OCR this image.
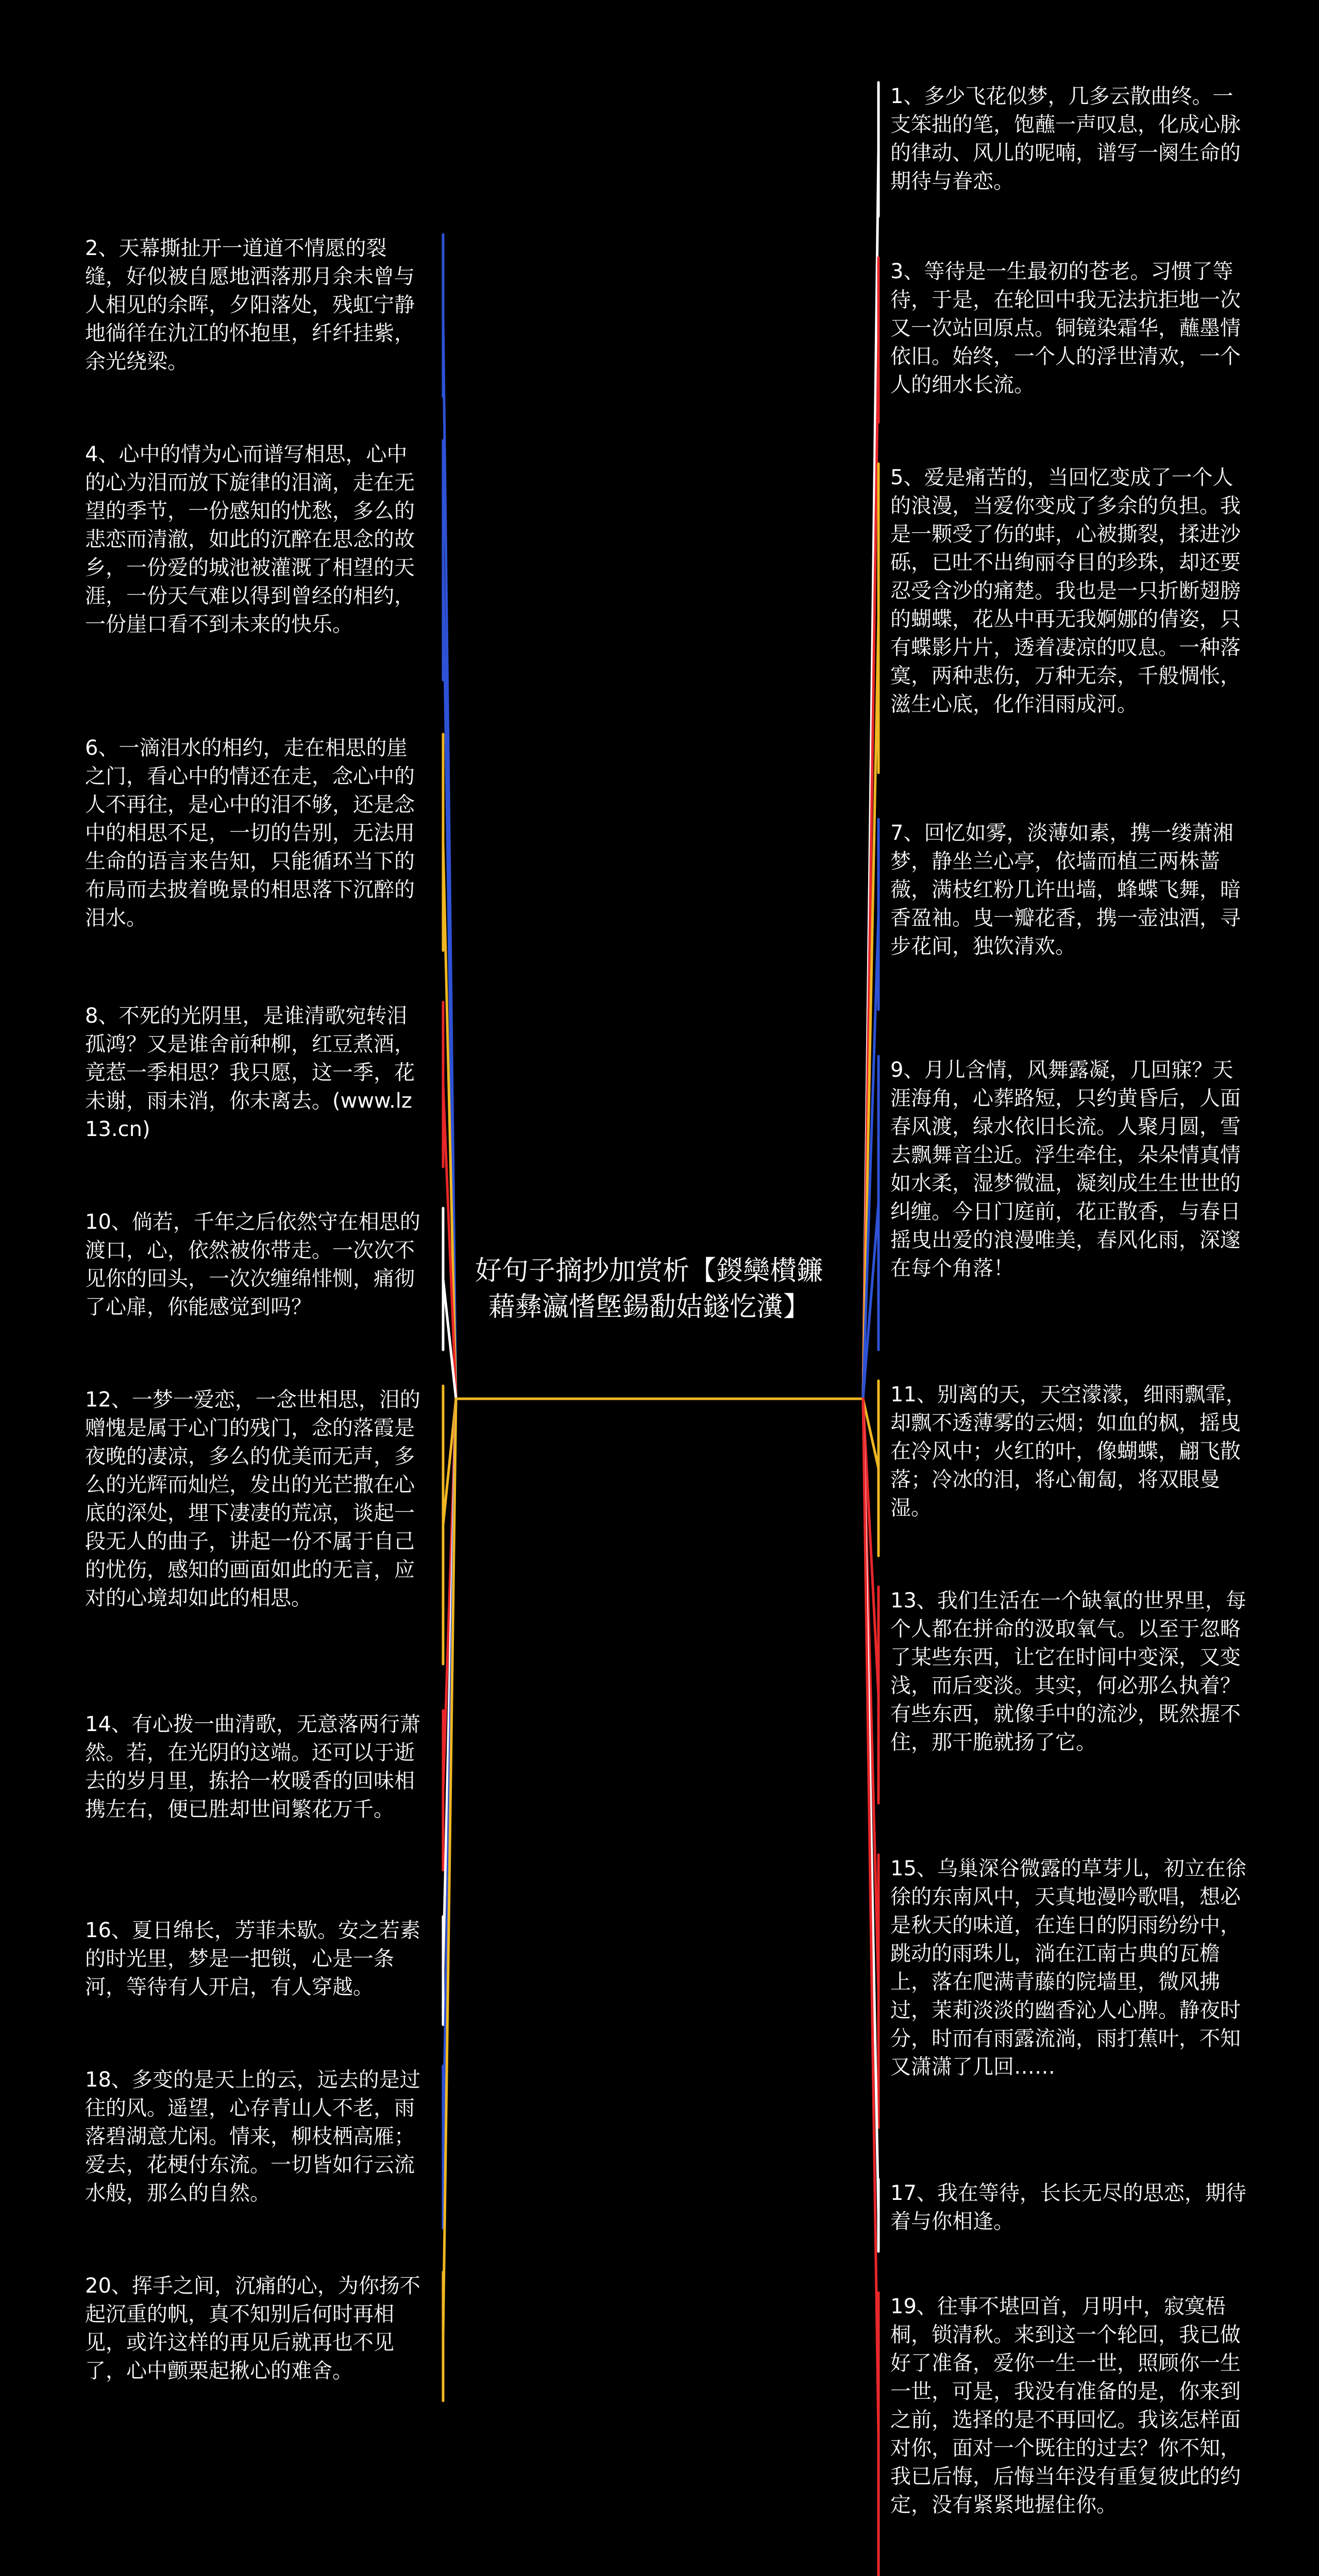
好句子摘抄加赏析【鍐欒櫕鐮藉彝瀛愭墍鍚勫姞鐩忔瀵】
1、多少飞花似梦，几多云散曲终。一支笨拙的笔，饱蘸一声叹息，化成心脉的律动、风儿的呢喃，谱写一阕生命的期待与眷恋。
3、等待是一生最初的苍老。习惯了等待，于是，在轮回中我无法抗拒地一次又一次站回原点。铜镜染霜华，蘸墨情依旧。始终，一个人的浮世清欢，一个人的细水长流。
5、爱是痛苦的，当回忆变成了一个人的浪漫，当爱你变成了多余的负担。我是一颗受了伤的蚌，心被撕裂，揉进沙砾，已吐不出绚丽夺目的珍珠，却还要忍受含沙的痛楚。我也是一只折断翅膀的蝴蝶，花丛中再无我婀娜的倩姿，只有蝶影片片，透着凄凉的叹息。一种落寞，两种悲伤，万种无奈，千般惆怅，滋生心底，化作泪雨成河。
7、回忆如雾，淡薄如素，携一缕萧湘梦，静坐兰心亭，依墙而植三两株蔷薇，满枝红粉几许出墙，蜂蝶飞舞，暗香盈袖。曳一瓣花香，携一壶浊酒，寻步花间，独饮清欢。
9、月儿含情，风舞露凝，几回寐？天涯海角，心葬路短，只约黄昏后，人面春风渡，绿水依旧长流。人聚月圆，雪去飘舞音尘近。浮生牵住，朵朵情真情如水柔，湿梦微温，凝刻成生生世世的纠缠。今日门庭前，花正散香，与春日摇曳出爱的浪漫唯美，春风化雨，深邃在每个角落！
11、别离的天，天空濛濛，细雨飘霏，却飘不透薄雾的云烟；如血的枫，摇曳在冷风中；火红的叶，像蝴蝶，翩飞散落；冷冰的泪，将心匍匐，将双眼曼湿。
13、我们生活在一个缺氧的世界里，每个人都在拼命的汲取氧气。以至于忽略了某些东西，让它在时间中变深，又变浅，而后变淡。其实，何必那么执着？ 有些东西，就像手中的流沙，既然握不住，那干脆就扬了它。
15、乌巢深谷微露的草芽儿，初立在徐徐的东南风中，天真地漫吟歌唱，想必是秋天的味道，在连日的阴雨纷纷中，跳动的雨珠儿，淌在江南古典的瓦檐上，落在爬满青藤的院墙里，微风拂过，茉莉淡淡的幽香沁人心脾。静夜时分，时而有雨露流淌，雨打蕉叶，不知又潇潇了几回……
17、我在等待，长长无尽的思恋，期待着与你相逢。
19、往事不堪回首，月明中，寂寞梧桐，锁清秋。来到这一个轮回，我已做好了准备，爱你一生一世，照顾你一生一世，可是，我没有准备的是，你来到之前，选择的是不再回忆。我该怎样面对你，面对一个既往的过去？你不知，我已后悔，后悔当年没有重复彼此的约定，没有紧紧地握住你。
2、天幕撕扯开一道道不情愿的裂缝，好似被自愿地洒落那月余未曾与人相见的余晖，夕阳落处，残虹宁静地徜徉在氿江的怀抱里，纤纤挂紫，余光绕梁。
4、心中的情为心而谱写相思，心中的心为泪而放下旋律的泪滴，走在无望的季节，一份感知的忧愁，多么的悲恋而清澈，如此的沉醉在思念的故乡，一份爱的城池被灌溉了相望的天涯，一份天气难以得到曾经的相约，一份崖口看不到未来的快乐。
6、一滴泪水的相约，走在相思的崖之门，看心中的情还在走，念心中的人不再往，是心中的泪不够，还是念中的相思不足，一切的告别，无法用生命的语言来告知，只能循环当下的布局而去披着晚景的相思落下沉醉的泪水。
8、不死的光阴里，是谁清歌宛转泪孤鸿？又是谁舍前种柳，红豆煮酒，竟惹一季相思？我只愿，这一季，花未谢，雨未消，你未离去。(www.lz13.cn)
10、倘若，千年之后依然守在相思的渡口，心，依然被你带走。一次次不见你的回头，一次次缠绵悱恻，痛彻了心扉，你能感觉到吗？
12、一梦一爱恋，一念世相思，泪的赠愧是属于心门的残门，念的落霞是夜晚的凄凉，多么的优美而无声，多么的光辉而灿烂，发出的光芒撒在心底的深处，埋下凄凄的荒凉，谈起一段无人的曲子，讲起一份不属于自己的忧伤，感知的画面如此的无言，应对的心境却如此的相思。
14、有心拨一曲清歌，无意落两行萧然。若，在光阴的这端。还可以于逝去的岁月里，拣拾一枚暖香的回味相携左右，便已胜却世间繁花万千。
16、夏日绵长，芳菲未歇。安之若素的时光里，梦是一把锁，心是一条河，等待有人开启，有人穿越。
18、多变的是天上的云，远去的是过往的风。遥望，心存青山人不老，雨落碧湖意尤闲。情来，柳枝栖高雁；爱去，花梗付东流。一切皆如行云流水般，那么的自然。
20、挥手之间，沉痛的心，为你扬不起沉重的帆，真不知别后何时再相见，或许这样的再见后就再也不见了，心中颤栗起揪心的难舍。
